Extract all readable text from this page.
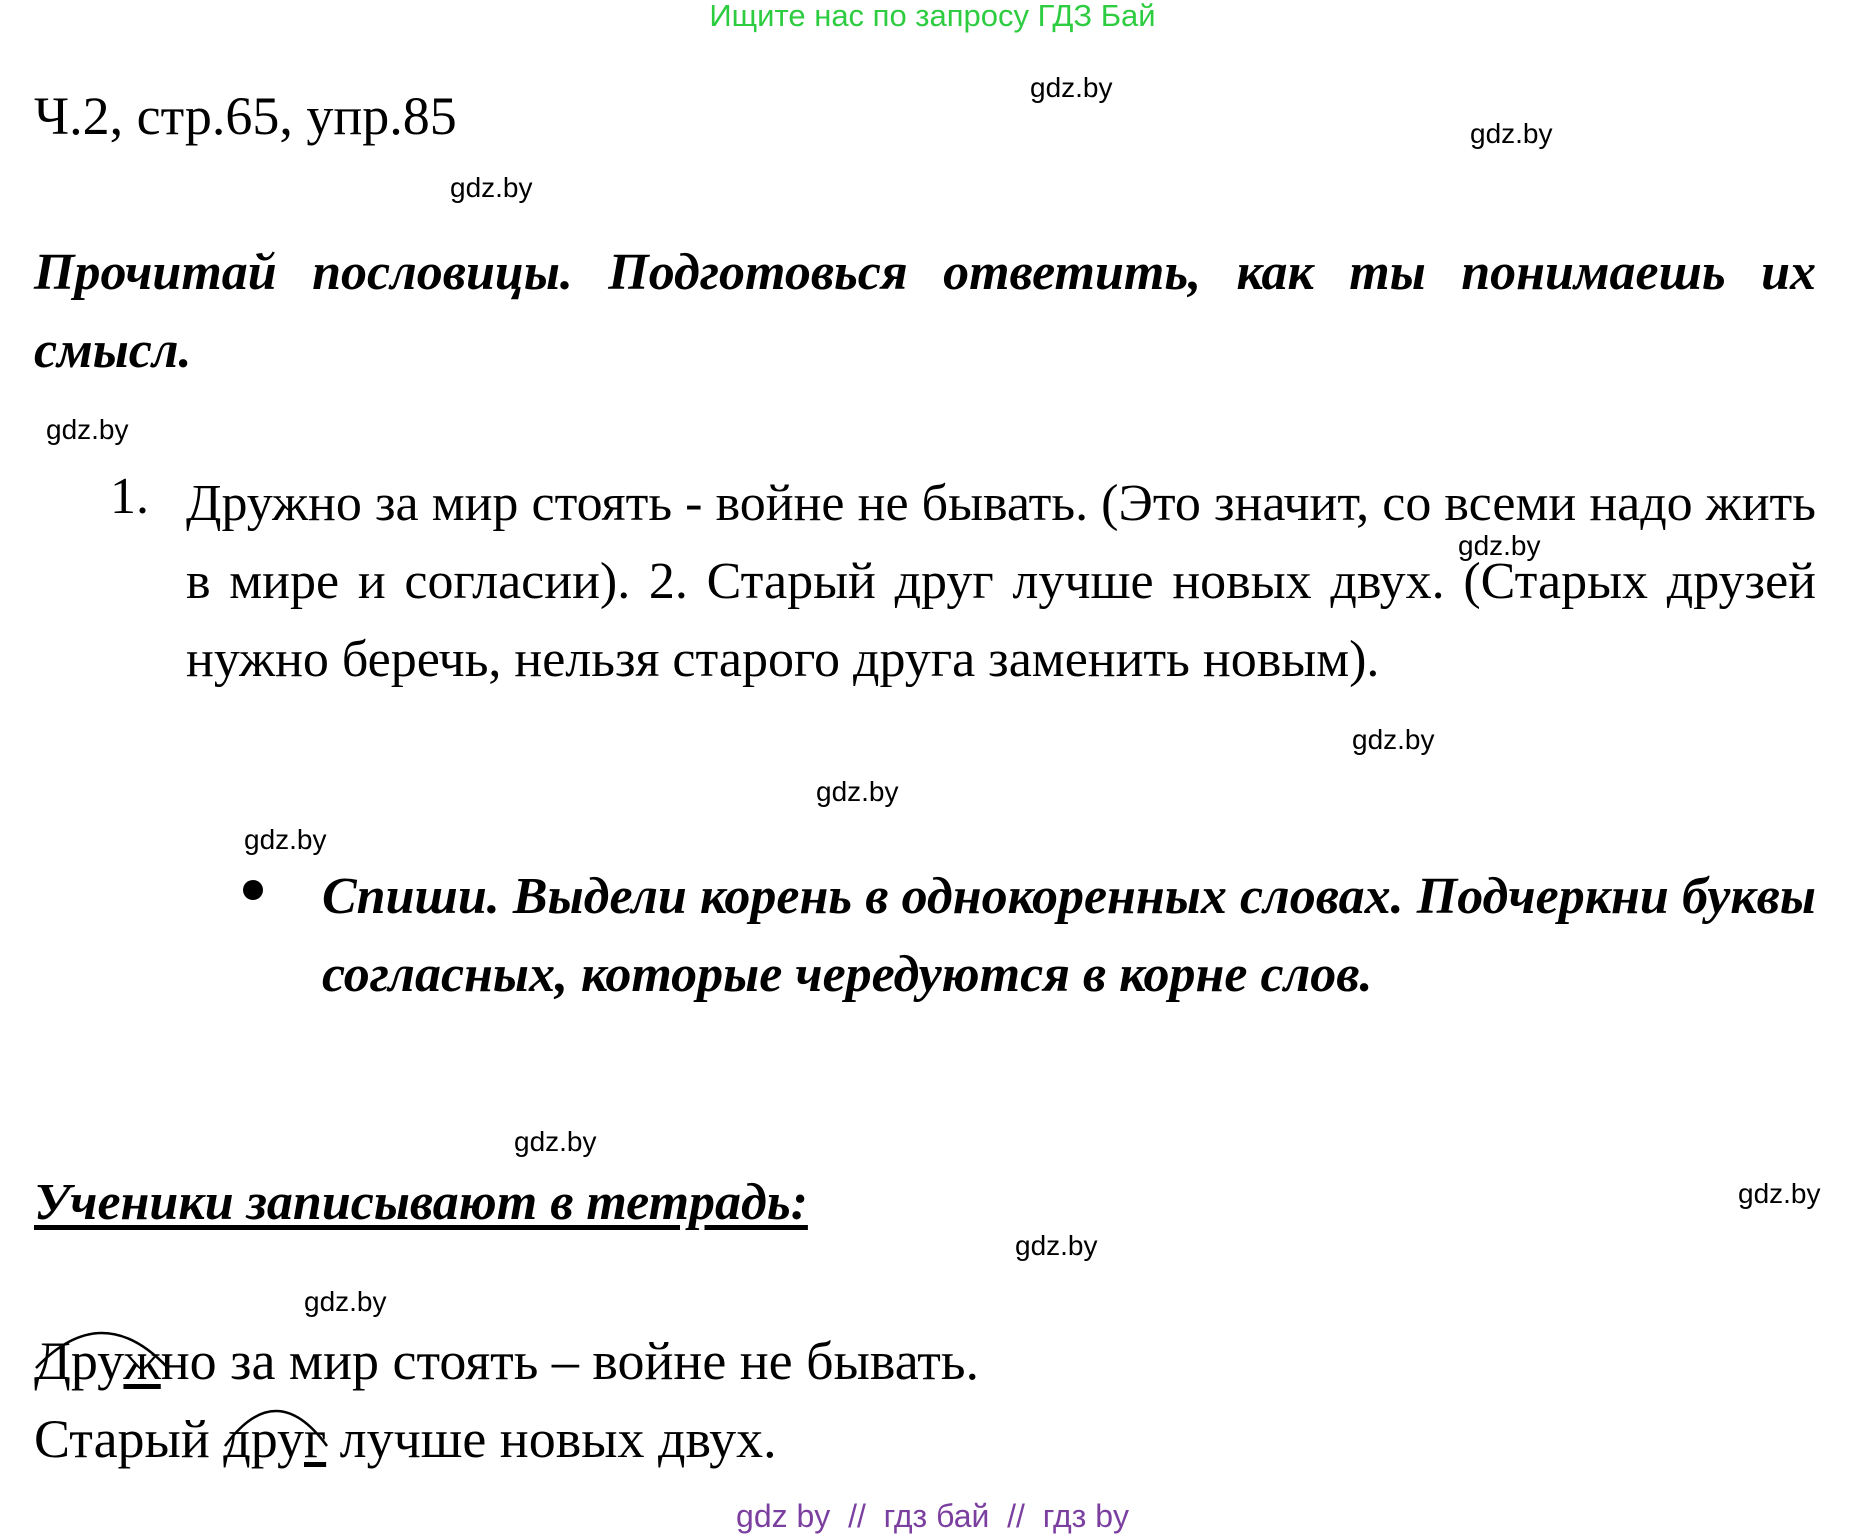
Ищите нас по запросу ГДЗ Бай
gdz.by
gdz.by
gdz.by
gdz.by
gdz.by
gdz.by
gdz.by
gdz.by
gdz.by
gdz.by
gdz.by
gdz.by
Ч.2, стр.65, упр.85
Прочитай пословицы. Подготовься ответить, как ты понимаешь их смысл.
1. Дружно за мир стоять - войне не бывать. (Это значит, со всеми надо жить в мире и согласии). 2. Старый друг лучше новых двух. (Старых друзей нужно беречь, нельзя старого друга заменить новым).
Спиши. Выдели корень в однокоренных словах. Подчеркни буквы согласных, которые чередуются в корне слов.
Ученики записывают в тетрадь:
Дружно за мир стоять – войне не бывать.
Старый
друг лучше новых двух.
gdz by  //  гдз бай  //  гдз by
